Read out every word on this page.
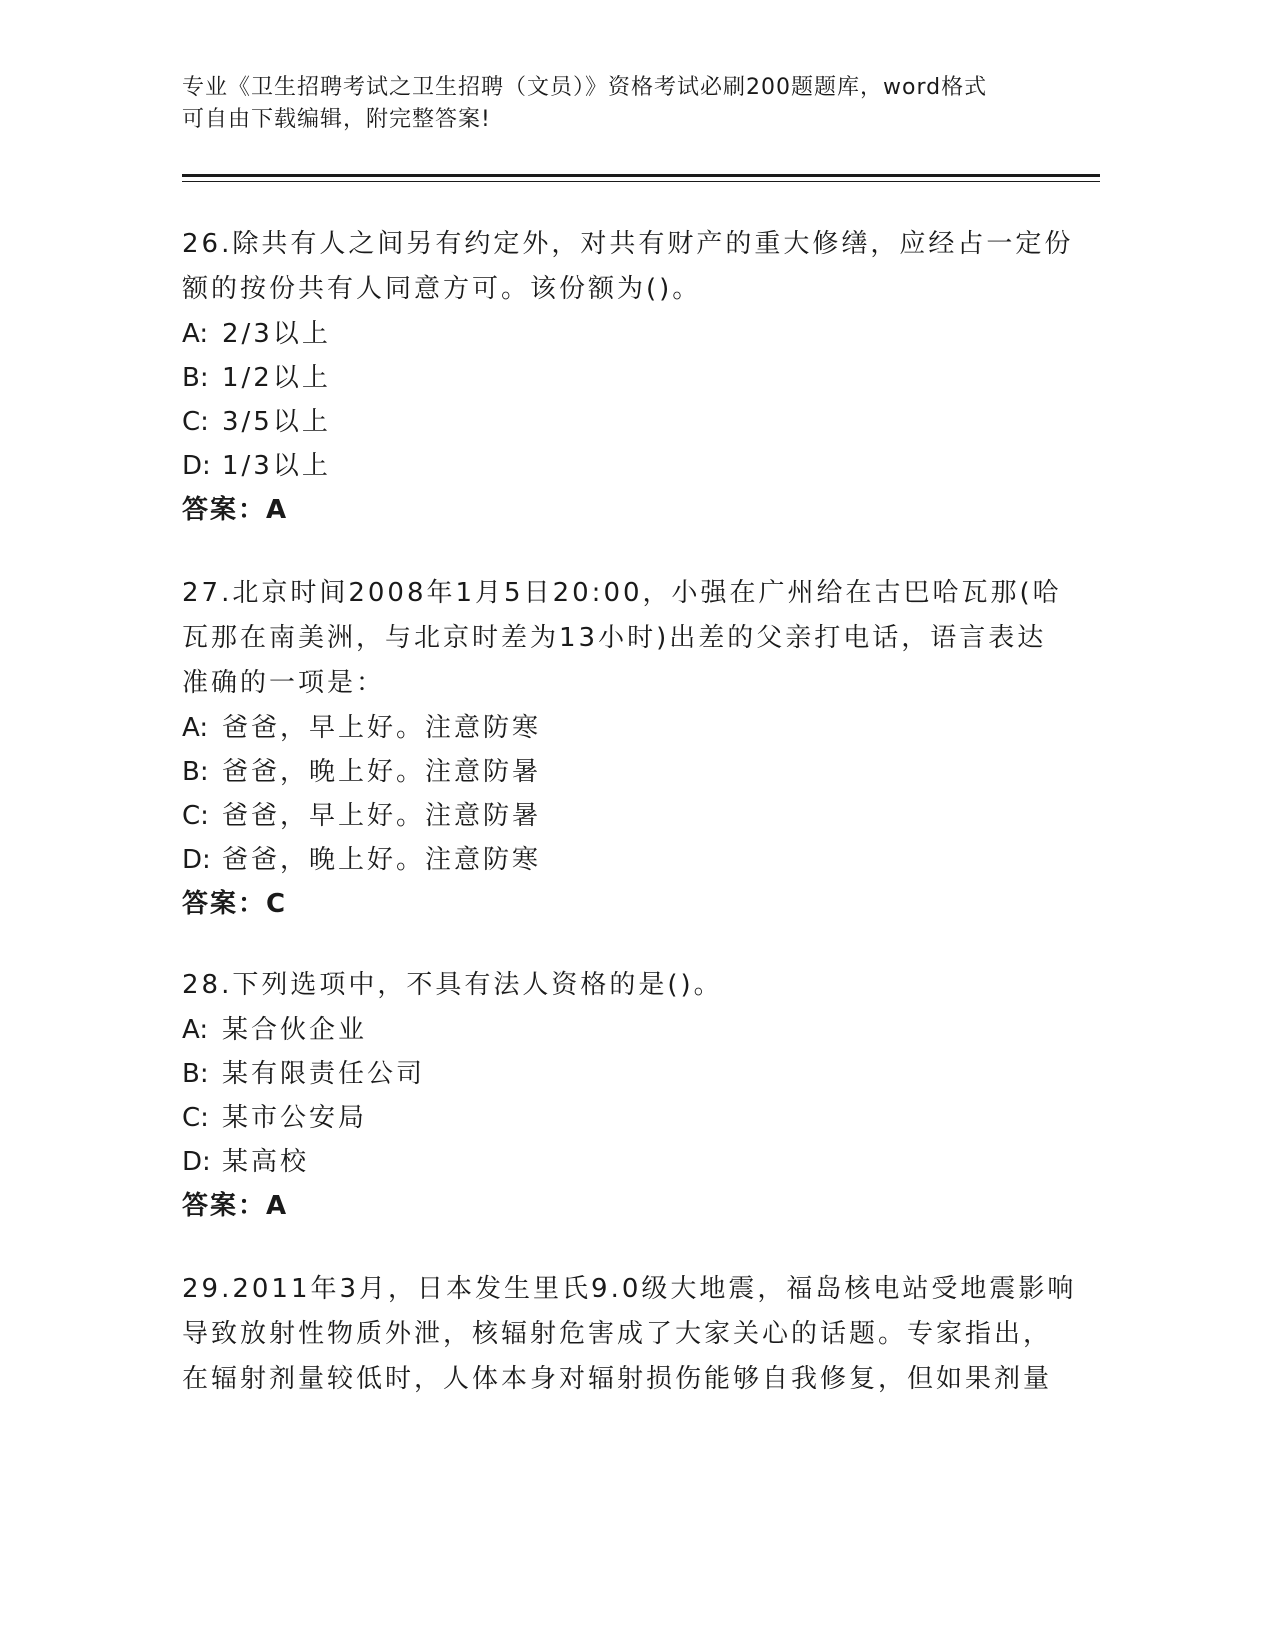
专业《卫生招聘考试之卫生招聘（文员）》资格考试必刷200题题库，word格式
可自由下载编辑，附完整答案!
26.除共有人之间另有约定外，对共有财产的重大修缮，应经占一定份
额的按份共有人同意方可。该份额为()。
A: 2/3以上
B: 1/2以上
C: 3/5以上
D: 1/3以上
答案：A
27.北京时间2008年1月5日20:00，小强在广州给在古巴哈瓦那(哈
瓦那在南美洲，与北京时差为13小时)出差的父亲打电话，语言表达
准确的一项是：
A: 爸爸，早上好。注意防寒
B: 爸爸，晚上好。注意防暑
C: 爸爸，早上好。注意防暑
D: 爸爸，晚上好。注意防寒
答案：C
28.下列选项中，不具有法人资格的是()。
A: 某合伙企业
B: 某有限责任公司
C: 某市公安局
D: 某高校
答案：A
29.2011年3月，日本发生里氏9.0级大地震，福岛核电站受地震影响
导致放射性物质外泄，核辐射危害成了大家关心的话题。专家指出，
在辐射剂量较低时，人体本身对辐射损伤能够自我修复，但如果剂量
